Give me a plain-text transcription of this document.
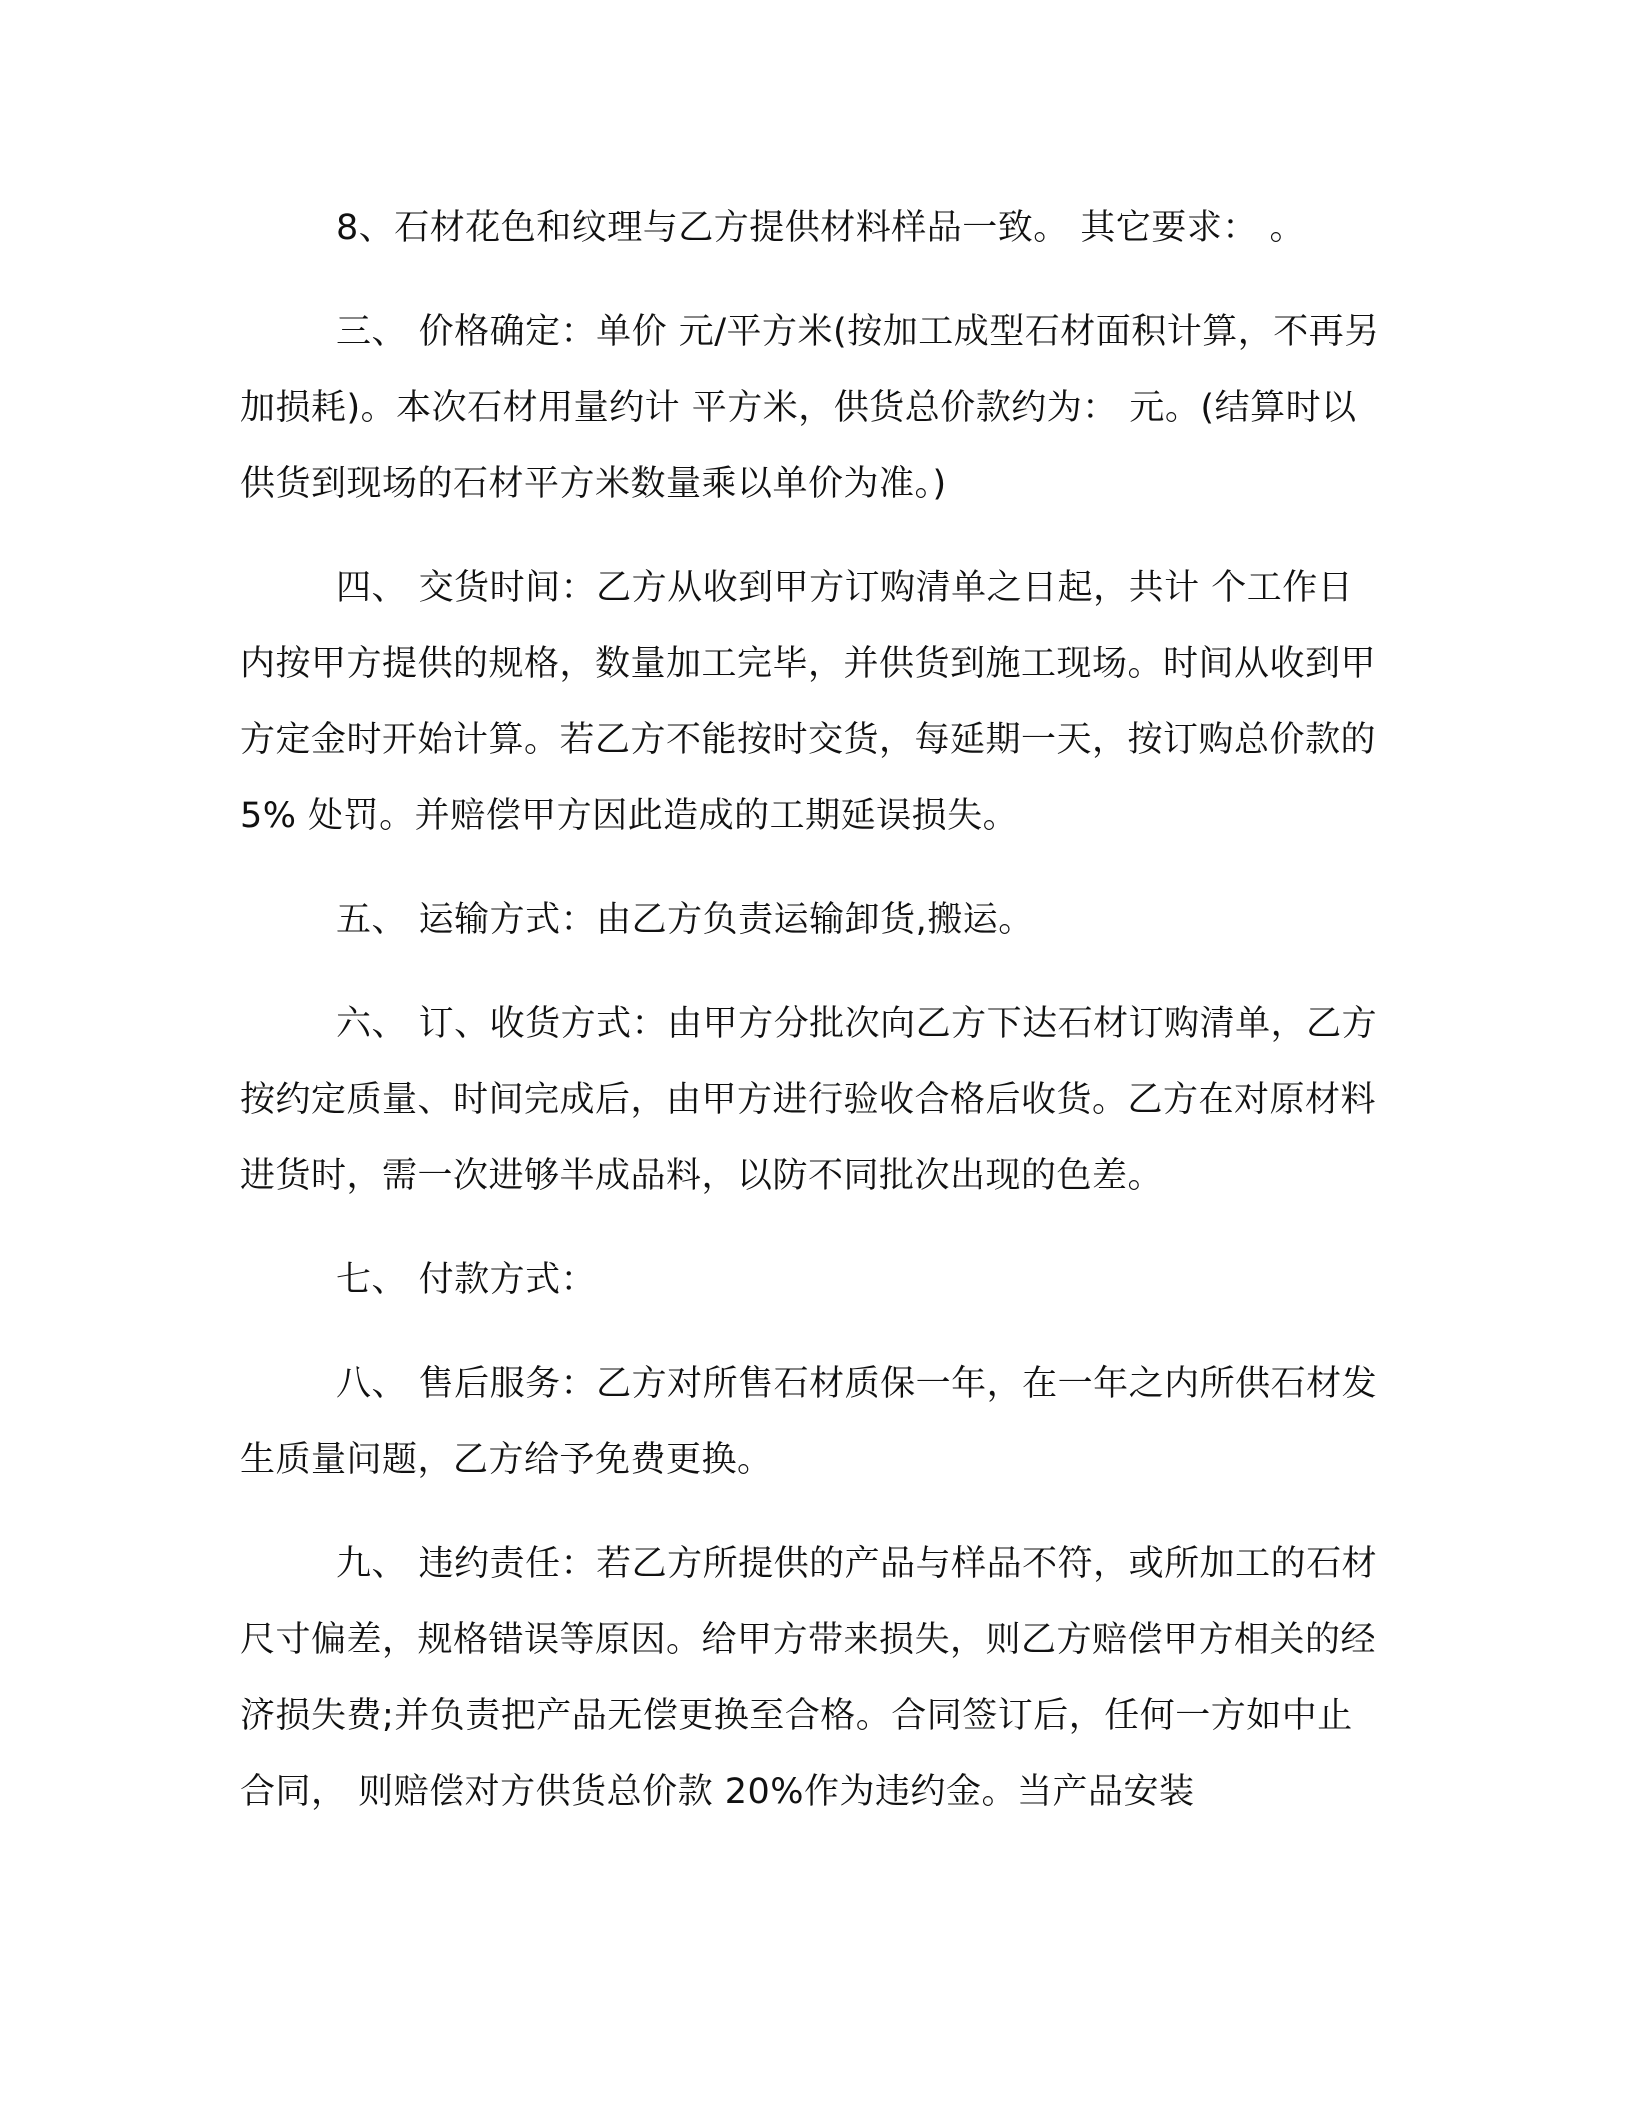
8、石材花色和纹理与乙方提供材料样品一致。 其它要求： 。

三、 价格确定：单价 元/平方米(按加工成型石材面积计算，不再另加损耗)。本次石材用量约计 平方米，供货总价款约为： 元。(结算时以供货到现场的石材平方米数量乘以单价为准。)

四、 交货时间：乙方从收到甲方订购清单之日起，共计 个工作日内按甲方提供的规格，数量加工完毕，并供货到施工现场。时间从收到甲方定金时开始计算。若乙方不能按时交货，每延期一天，按订购总价款的 5% 处罚。并赔偿甲方因此造成的工期延误损失。

五、 运输方式：由乙方负责运输卸货,搬运。

六、 订、收货方式：由甲方分批次向乙方下达石材订购清单，乙方按约定质量、时间完成后，由甲方进行验收合格后收货。乙方在对原材料进货时，需一次进够半成品料，以防不同批次出现的色差。

七、 付款方式：

八、 售后服务：乙方对所售石材质保一年，在一年之内所供石材发生质量问题，乙方给予免费更换。

九、 违约责任：若乙方所提供的产品与样品不符，或所加工的石材尺寸偏差，规格错误等原因。给甲方带来损失，则乙方赔偿甲方相关的经济损失费;并负责把产品无偿更换至合格。合同签订后，任何一方如中止合同， 则赔偿对方供货总价款 20%作为违约金。当产品安装
